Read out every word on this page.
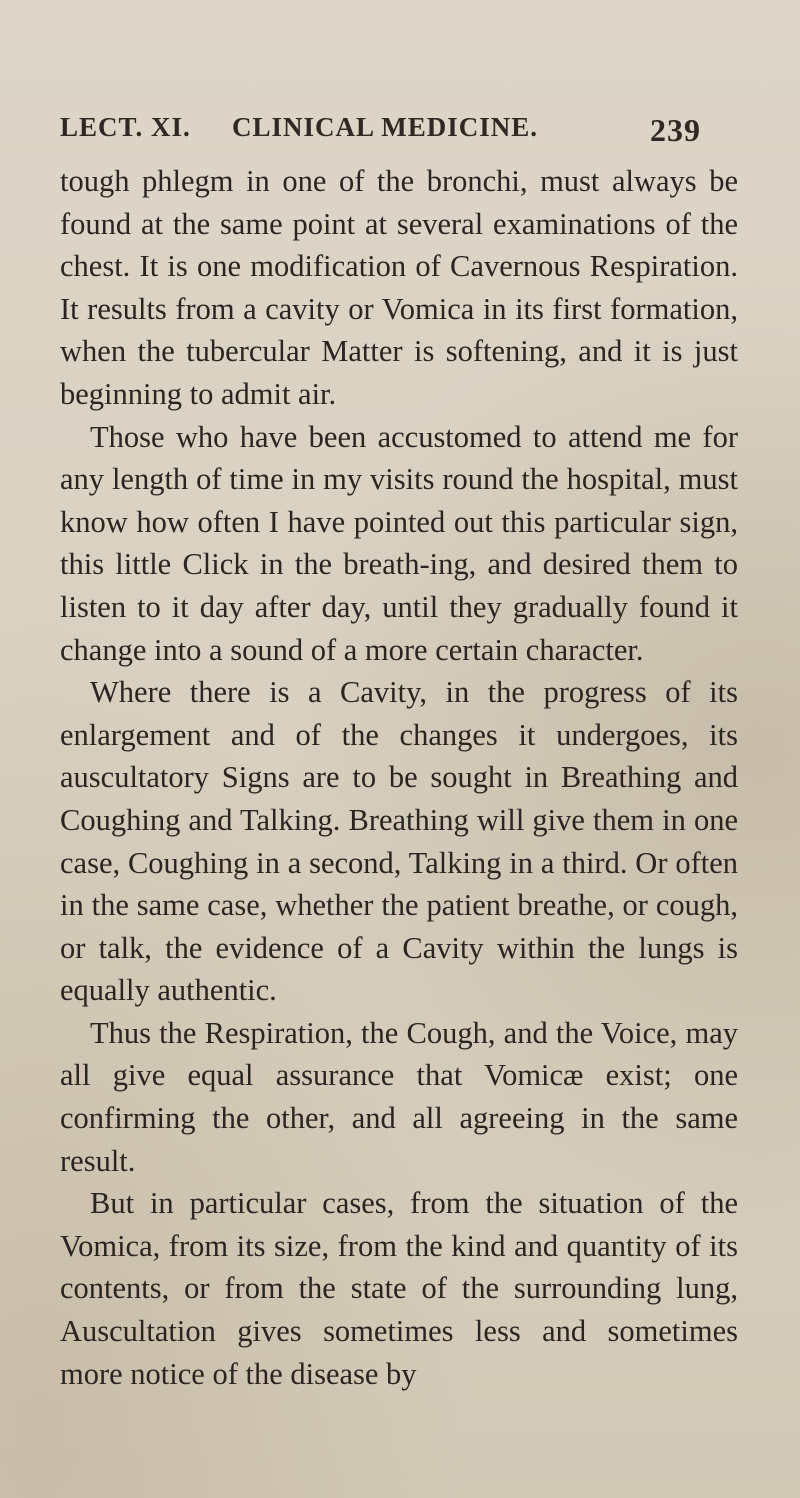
LECT. XI. CLINICAL MEDICINE.	239

tough phlegm in one of the bronchi, must always be found at the same point at several examinations of the chest. It is one modification of Cavernous Respiration. It results from a cavity or Vomica in its first formation, when the tubercular Matter is softening, and it is just beginning to admit air.

Those who have been accustomed to attend me for any length of time in my visits round the hospital, must know how often I have pointed out this particular sign, this little Click in the breath-ing, and desired them to listen to it day after day, until they gradually found it change into a sound of a more certain character.

Where there is a Cavity, in the progress of its enlargement and of the changes it undergoes, its auscultatory Signs are to be sought in Breathing and Coughing and Talking. Breathing will give them in one case, Coughing in a second, Talking in a third. Or often in the same case, whether the patient breathe, or cough, or talk, the evidence of a Cavity within the lungs is equally authentic.

Thus the Respiration, the Cough, and the Voice, may all give equal assurance that Vomicæ exist; one confirming the other, and all agreeing in the same result.

But in particular cases, from the situation of the Vomica, from its size, from the kind and quantity of its contents, or from the state of the surrounding lung, Auscultation gives sometimes less and sometimes more notice of the disease by
